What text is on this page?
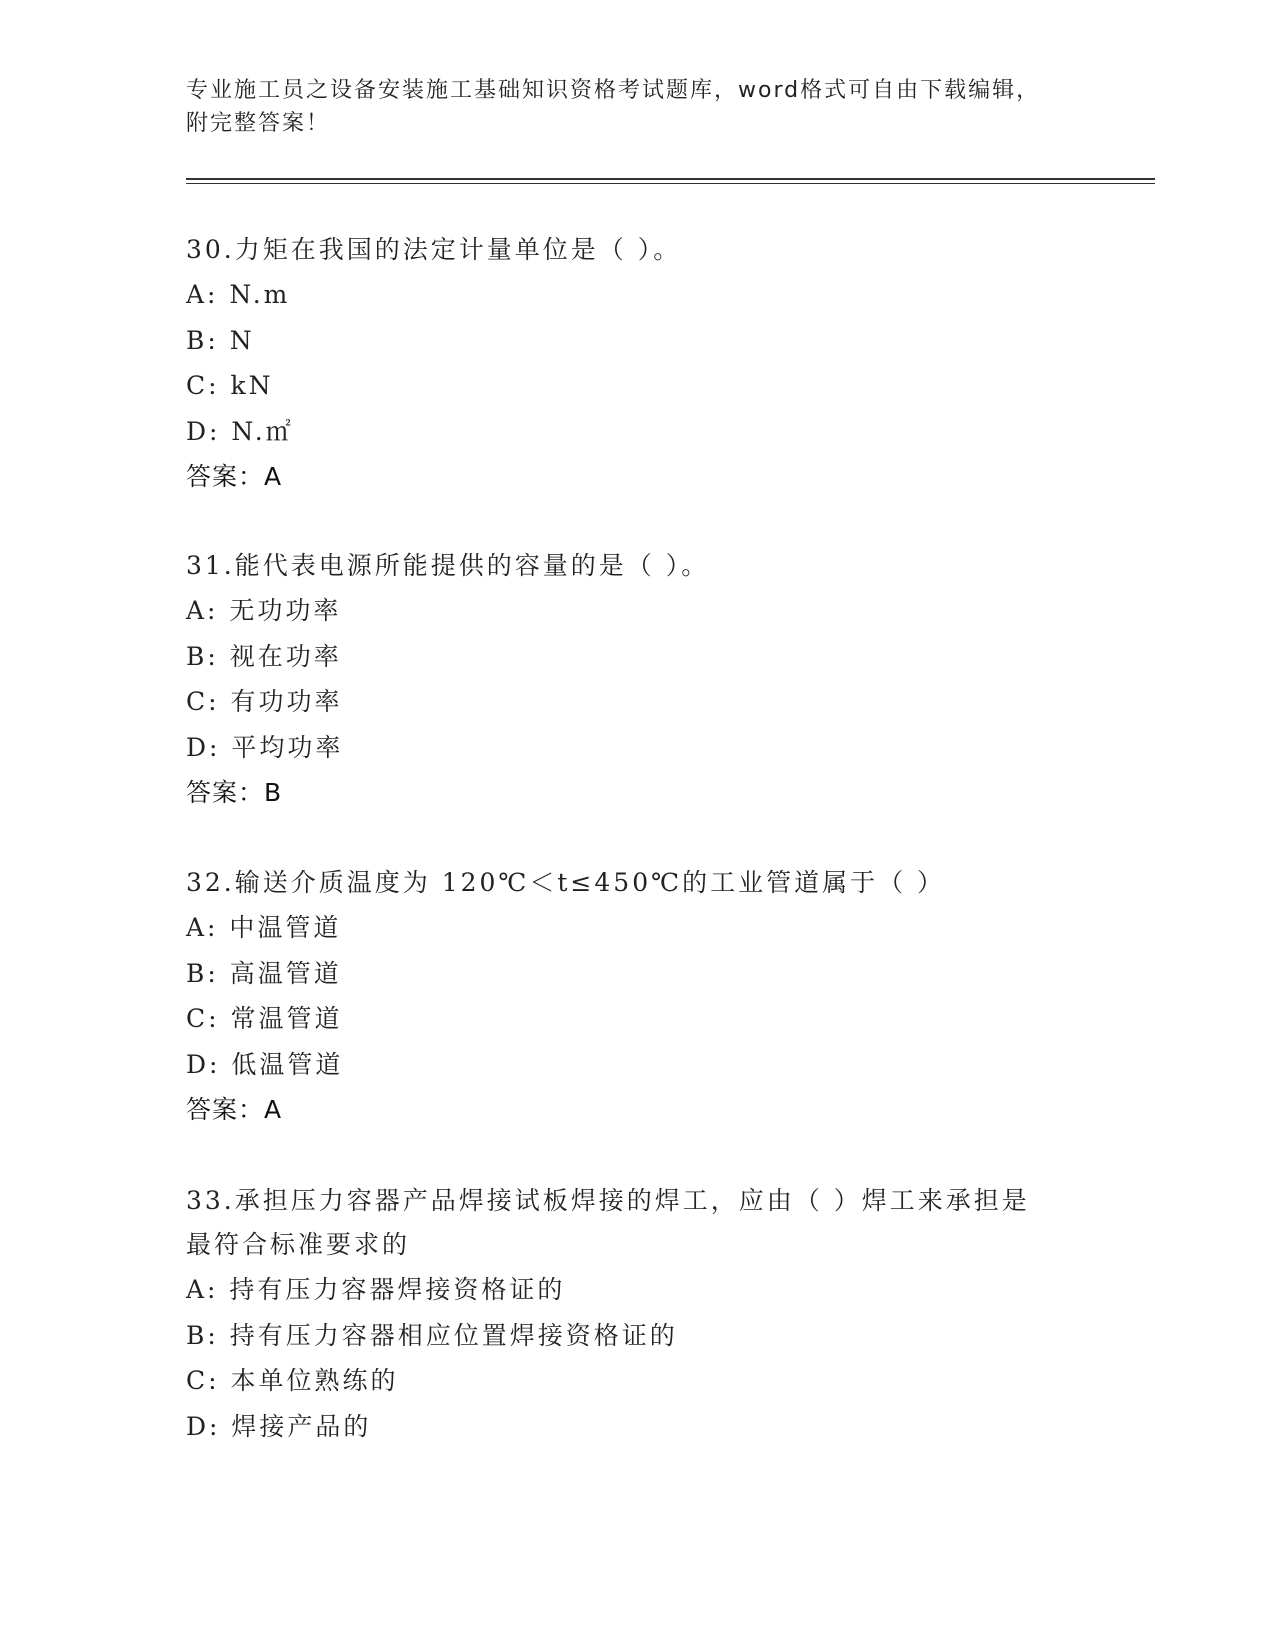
专业施工员之设备安装施工基础知识资格考试题库，word格式可自由下载编辑，
附完整答案！

30.力矩在我国的法定计量单位是（ ）。

A: N.m

B: N

C: kN

D: N.㎡

答案：A

31.能代表电源所能提供的容量的是（ ）。

A: 无功功率

B: 视在功率

C: 有功功率

D: 平均功率

答案：B

32.输送介质温度为 120℃＜t≤450℃的工业管道属于（ ）

A: 中温管道

B: 高温管道

C: 常温管道

D: 低温管道

答案：A

33.承担压力容器产品焊接试板焊接的焊工，应由（ ）焊工来承担是

最符合标准要求的

A: 持有压力容器焊接资格证的

B: 持有压力容器相应位置焊接资格证的

C: 本单位熟练的

D: 焊接产品的
